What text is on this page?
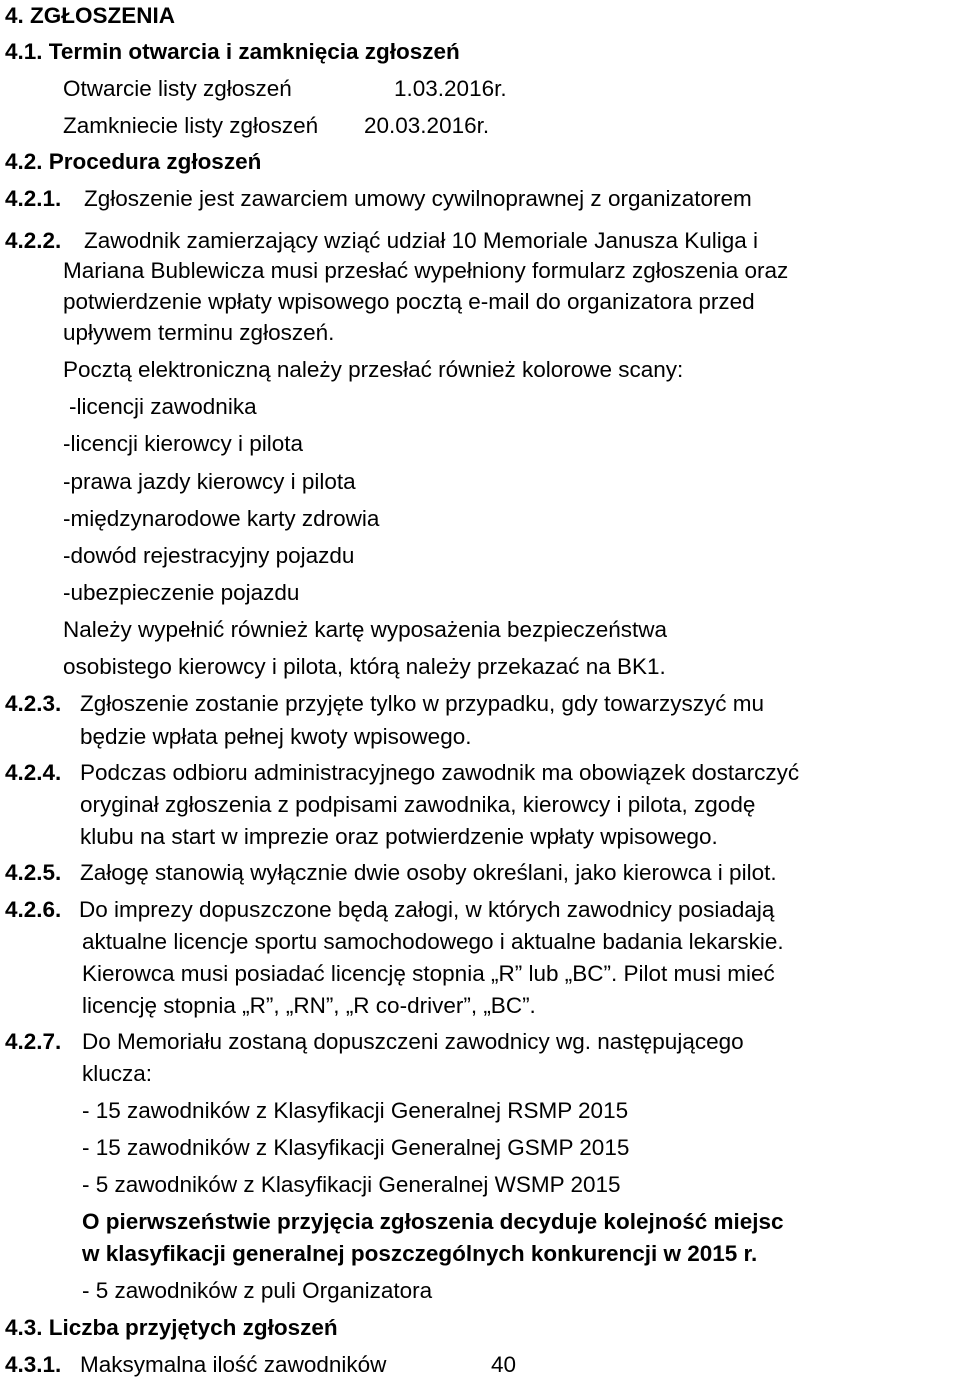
4. ZGŁOSZENIA
4.1. Termin otwarcia i zamknięcia zgłoszeń
Otwarcie listy zgłoszeń	1.03.2016r.
Zamkniecie listy zgłoszeń 20.03.2016r.
4.2. Procedura zgłoszeń
4.2.1. Zgłoszenie jest zawarciem umowy cywilnoprawnej z organizatorem
4.2.2. Zawodnik zamierzający wziąć udział 10 Memoriale Janusza Kuliga i
Mariana Bublewicza musi przesłać wypełniony formularz zgłoszenia oraz
potwierdzenie wpłaty wpisowego pocztą e-mail do organizatora przed
upływem terminu zgłoszeń.
Pocztą elektroniczną należy przesłać również kolorowe scany:
-licencji zawodnika
-licencji kierowcy i pilota
-prawa jazdy kierowcy i pilota
-międzynarodowe karty zdrowia
-dowód rejestracyjny pojazdu
-ubezpieczenie pojazdu
Należy wypełnić również kartę wyposażenia bezpieczeństwa
osobistego kierowcy i pilota, którą należy przekazać na BK1.
4.2.3. Zgłoszenie zostanie przyjęte tylko w przypadku, gdy towarzyszyć mu
będzie wpłata pełnej kwoty wpisowego.
4.2.4. Podczas odbioru administracyjnego zawodnik ma obowiązek dostarczyć
oryginał zgłoszenia z podpisami zawodnika, kierowcy i pilota, zgodę
klubu na start w imprezie oraz potwierdzenie wpłaty wpisowego.
4.2.5. Załogę stanowią wyłącznie dwie osoby określani, jako kierowca i pilot.
4.2.6. Do imprezy dopuszczone będą załogi, w których zawodnicy posiadają
aktualne licencje sportu samochodowego i aktualne badania lekarskie.
Kierowca musi posiadać licencję stopnia „R” lub „BC”. Pilot musi mieć
licencję stopnia „R”, „RN”, „R co-driver”, „BC”.
4.2.7. Do Memoriału zostaną dopuszczeni zawodnicy wg. następującego
klucza:
- 15 zawodników z Klasyfikacji Generalnej RSMP 2015
- 15 zawodników z Klasyfikacji Generalnej GSMP 2015
- 5 zawodników z Klasyfikacji Generalnej WSMP 2015
O pierwszeństwie przyjęcia zgłoszenia decyduje kolejność miejsc
w klasyfikacji generalnej poszczególnych konkurencji w 2015 r.
- 5 zawodników z puli Organizatora
4.3. Liczba przyjętych zgłoszeń
4.3.1. Maksymalna ilość zawodników	40
